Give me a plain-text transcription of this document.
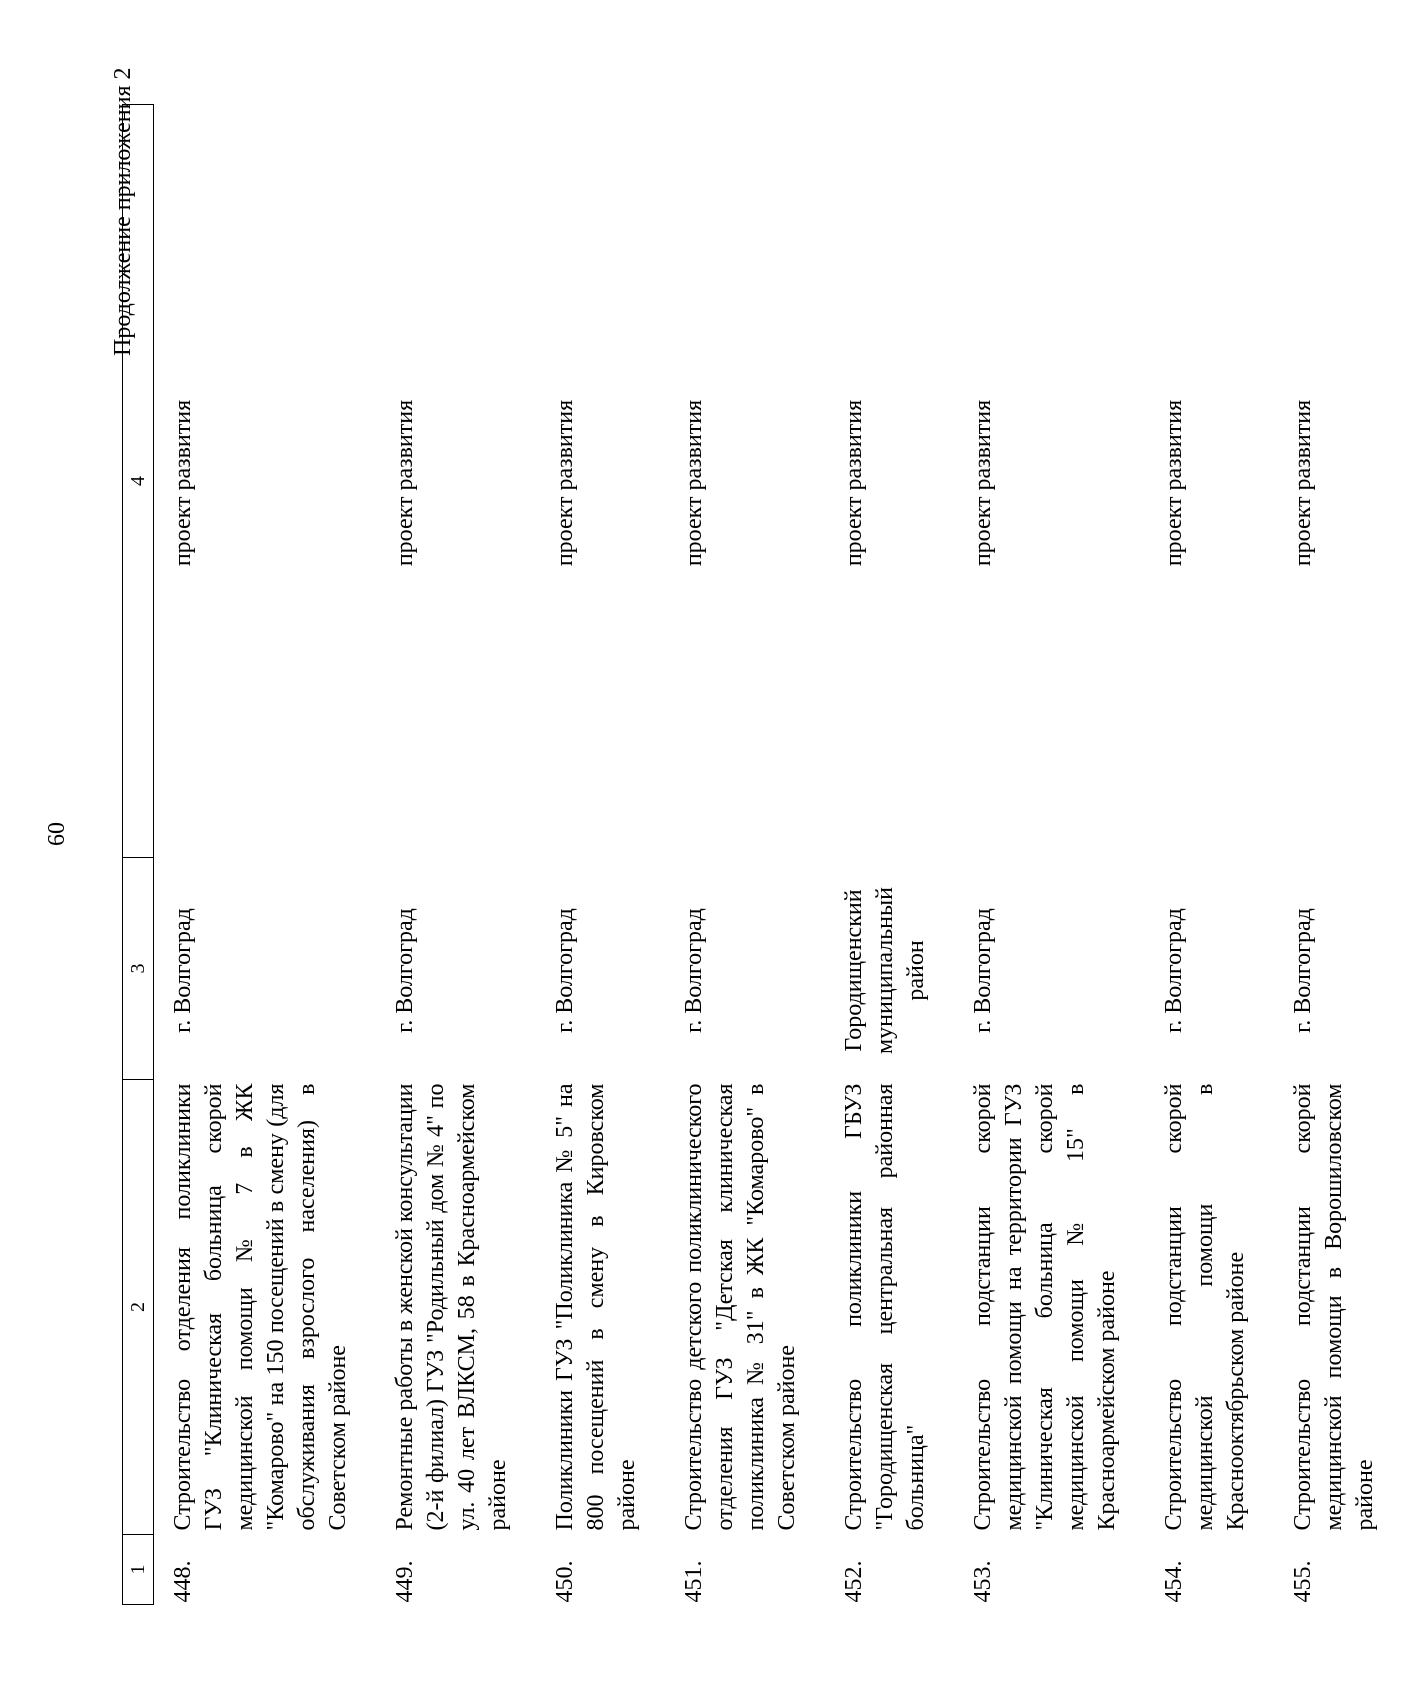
60
Продолжение приложения 2
1	2	3	4
448.	Строительство отделения поликлиники ГУЗ "Клиническая больница скорой медицинской помощи № 7 в ЖК "Комарово" на 150 посещений в смену (для обслуживания взрослого населения) в Советском районе	г. Волгоград	проект развития
449.	Ремонтные работы в женской консультации (2-й филиал) ГУЗ "Родильный дом № 4" по ул. 40 лет ВЛКСМ, 58 в Красноармейском районе	г. Волгоград	проект развития
450.	Поликлиники ГУЗ "Поликлиника № 5" на 800 посещений в смену в Кировском районе	г. Волгоград	проект развития
451.	Строительство детского поликлинического отделения ГУЗ "Детская клиническая поликлиника № 31" в ЖК "Комарово" в Советском районе	г. Волгоград	проект развития
452.	Строительство поликлиники ГБУЗ "Городищенская центральная районная больница"	Городищенский муниципальный район	проект развития
453.	Строительство подстанции скорой медицинской помощи на территории ГУЗ "Клиническая больница скорой медицинской помощи № 15" в Красноармейском районе	г. Волгоград	проект развития
454.	Строительство подстанции скорой медицинской помощи в Краснооктябрьском районе	г. Волгоград	проект развития
455.	Строительство подстанции скорой медицинской помощи в Ворошиловском районе	г. Волгоград	проект развития
